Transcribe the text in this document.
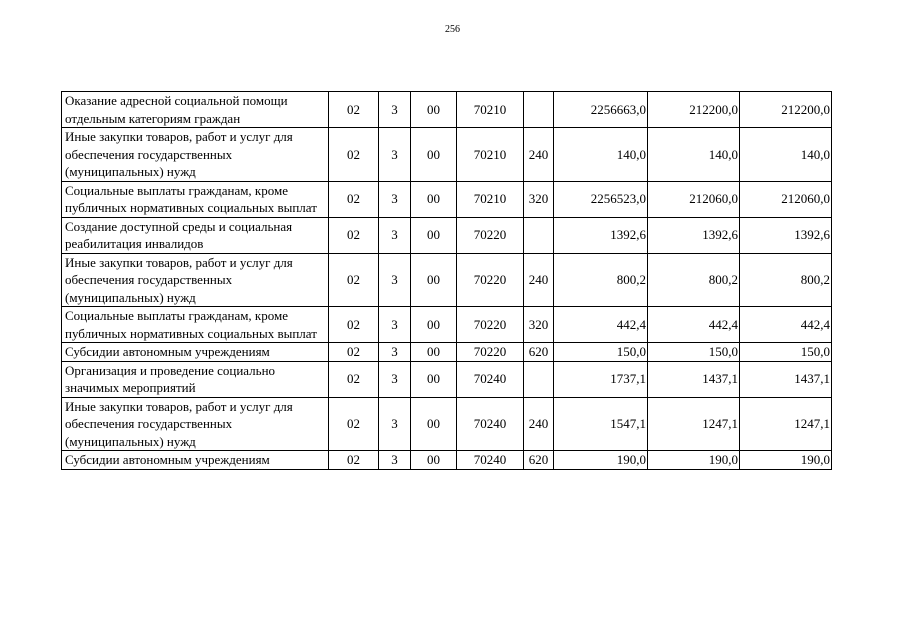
256
Оказание адресной социальной помощи отдельным категориям граждан	02	3	00	70210		2256663,0	212200,0	212200,0
Иные закупки товаров, работ и услуг для обеспечения государственных (муниципальных) нужд	02	3	00	70210	240	140,0	140,0	140,0
Социальные выплаты гражданам, кроме публичных нормативных социальных выплат	02	3	00	70210	320	2256523,0	212060,0	212060,0
Создание доступной среды и социальная реабилитация инвалидов	02	3	00	70220		1392,6	1392,6	1392,6
Иные закупки товаров, работ и услуг для обеспечения государственных (муниципальных) нужд	02	3	00	70220	240	800,2	800,2	800,2
Социальные выплаты гражданам, кроме публичных нормативных социальных выплат	02	3	00	70220	320	442,4	442,4	442,4
Субсидии автономным учреждениям	02	3	00	70220	620	150,0	150,0	150,0
Организация и проведение социально значимых мероприятий	02	3	00	70240		1737,1	1437,1	1437,1
Иные закупки товаров, работ и услуг для обеспечения государственных (муниципальных) нужд	02	3	00	70240	240	1547,1	1247,1	1247,1
Субсидии автономным учреждениям	02	3	00	70240	620	190,0	190,0	190,0
